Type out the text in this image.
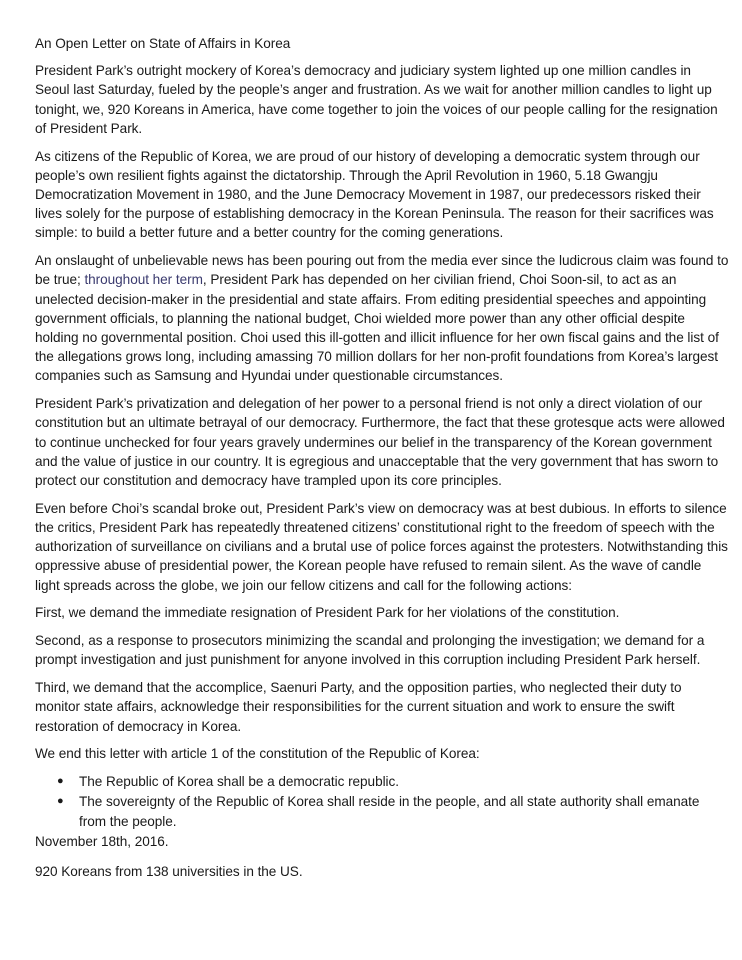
An Open Letter on State of Affairs in Korea

President Park’s outright mockery of Korea’s democracy and judiciary system lighted up one million candles in Seoul last Saturday, fueled by the people’s anger and frustration. As we wait for another million candles to light up tonight, we, 920 Koreans in America, have come together to join the voices of our people calling for the resignation of President Park.

As citizens of the Republic of Korea, we are proud of our history of developing a democratic system through our people’s own resilient fights against the dictatorship. Through the April Revolution in 1960, 5.18 Gwangju Democratization Movement in 1980, and the June Democracy Movement in 1987, our predecessors risked their lives solely for the purpose of establishing democracy in the Korean Peninsula. The reason for their sacrifices was simple: to build a better future and a better country for the coming generations.

An onslaught of unbelievable news has been pouring out from the media ever since the ludicrous claim was found to be true; throughout her term, President Park has depended on her civilian friend, Choi Soon-sil, to act as an unelected decision-maker in the presidential and state affairs. From editing presidential speeches and appointing government officials, to planning the national budget, Choi wielded more power than any other official despite holding no governmental position. Choi used this ill-gotten and illicit influence for her own fiscal gains and the list of the allegations grows long, including amassing 70 million dollars for her non-profit foundations from Korea’s largest companies such as Samsung and Hyundai under questionable circumstances.

President Park’s privatization and delegation of her power to a personal friend is not only a direct violation of our constitution but an ultimate betrayal of our democracy. Furthermore, the fact that these grotesque acts were allowed to continue unchecked for four years gravely undermines our belief in the transparency of the Korean government and the value of justice in our country. It is egregious and unacceptable that the very government that has sworn to protect our constitution and democracy have trampled upon its core principles.

Even before Choi’s scandal broke out, President Park’s view on democracy was at best dubious. In efforts to silence the critics, President Park has repeatedly threatened citizens’ constitutional right to the freedom of speech with the authorization of surveillance on civilians and a brutal use of police forces against the protesters. Notwithstanding this oppressive abuse of presidential power, the Korean people have refused to remain silent. As the wave of candle light spreads across the globe, we join our fellow citizens and call for the following actions:

First, we demand the immediate resignation of President Park for her violations of the constitution.

Second, as a response to prosecutors minimizing the scandal and prolonging the investigation; we demand for a prompt investigation and just punishment for anyone involved in this corruption including President Park herself.

Third, we demand that the accomplice, Saenuri Party, and the opposition parties, who neglected their duty to monitor state affairs, acknowledge their responsibilities for the current situation and work to ensure the swift restoration of democracy in Korea.

We end this letter with article 1 of the constitution of the Republic of Korea:

● The Republic of Korea shall be a democratic republic.
● The sovereignty of the Republic of Korea shall reside in the people, and all state authority shall emanate from the people.
November 18th, 2016.
920 Koreans from 138 universities in the US.
